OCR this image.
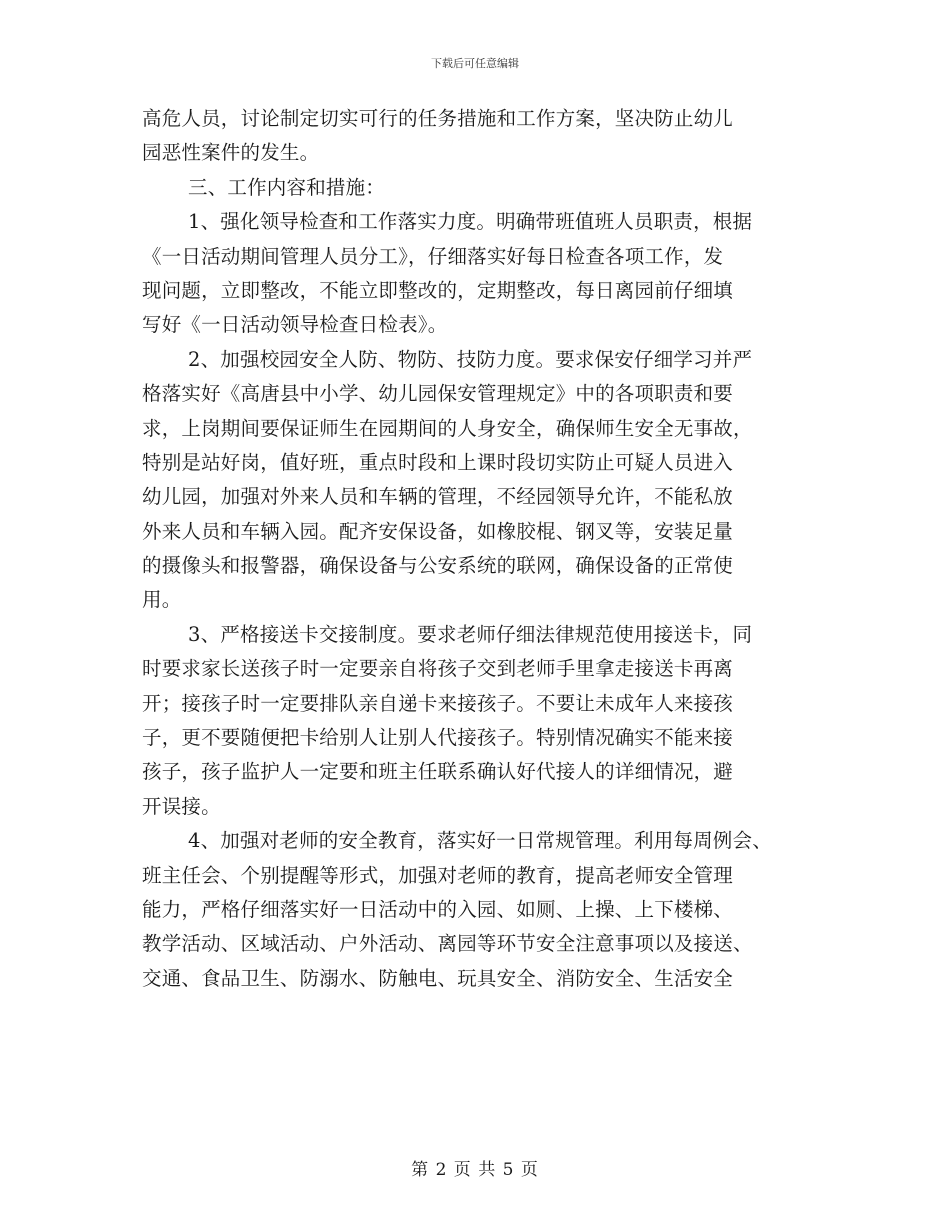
下载后可任意编辑
高危人员，讨论制定切实可行的任务措施和工作方案，坚决防止幼儿
园恶性案件的发生。
三、工作内容和措施：
1、强化领导检查和工作落实力度。明确带班值班人员职责，根据
《一日活动期间管理人员分工》，仔细落实好每日检查各项工作，发
现问题，立即整改，不能立即整改的，定期整改，每日离园前仔细填
写好《一日活动领导检查日检表》。
2、加强校园安全人防、物防、技防力度。要求保安仔细学习并严
格落实好《高唐县中小学、幼儿园保安管理规定》中的各项职责和要
求，上岗期间要保证师生在园期间的人身安全，确保师生安全无事故，
特别是站好岗，值好班，重点时段和上课时段切实防止可疑人员进入
幼儿园，加强对外来人员和车辆的管理，不经园领导允许，不能私放
外来人员和车辆入园。配齐安保设备，如橡胶棍、钢叉等，安装足量
的摄像头和报警器，确保设备与公安系统的联网，确保设备的正常使
用。
3、严格接送卡交接制度。要求老师仔细法律规范使用接送卡，同
时要求家长送孩子时一定要亲自将孩子交到老师手里拿走接送卡再离
开；接孩子时一定要排队亲自递卡来接孩子。不要让未成年人来接孩
子，更不要随便把卡给别人让别人代接孩子。特别情况确实不能来接
孩子，孩子监护人一定要和班主任联系确认好代接人的详细情况，避
开误接。
4、加强对老师的安全教育，落实好一日常规管理。利用每周例会、
班主任会、个别提醒等形式，加强对老师的教育，提高老师安全管理
能力，严格仔细落实好一日活动中的入园、如厕、上操、上下楼梯、
教学活动、区域活动、户外活动、离园等环节安全注意事项以及接送、
交通、食品卫生、防溺水、防触电、玩具安全、消防安全、生活安全
第 2 页 共 5 页
